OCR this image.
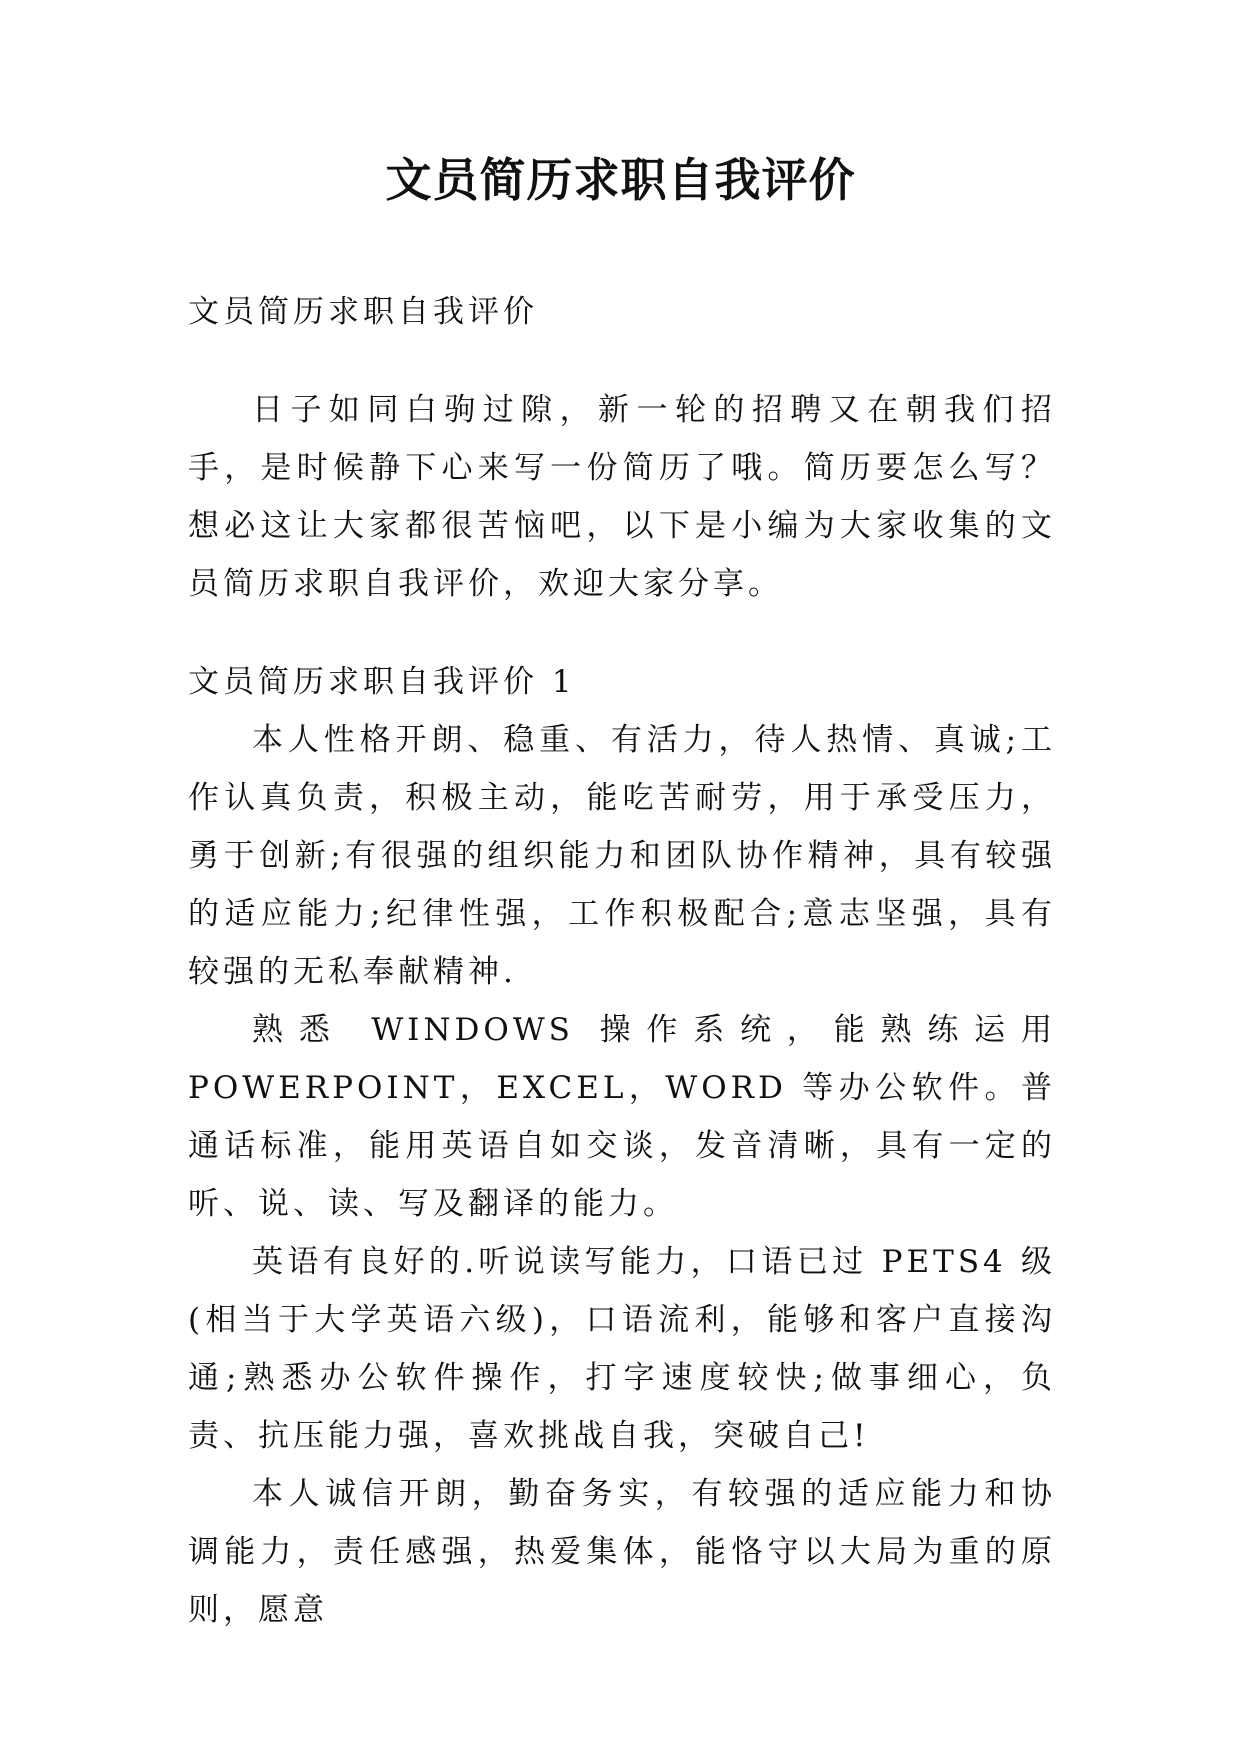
文员简历求职自我评价

文员简历求职自我评价

日子如同白驹过隙，新一轮的招聘又在朝我们招手，是时候静下心来写一份简历了哦。简历要怎么写？想必这让大家都很苦恼吧，以下是小编为大家收集的文员简历求职自我评价，欢迎大家分享。

文员简历求职自我评价 1

本人性格开朗、稳重、有活力，待人热情、真诚;工作认真负责，积极主动，能吃苦耐劳，用于承受压力，勇于创新;有很强的组织能力和团队协作精神，具有较强的适应能力;纪律性强，工作积极配合;意志坚强，具有较强的无私奉献精神.

熟悉 WINDOWS 操作系统，能熟练运用 POWERPOINT，EXCEL，WORD 等办公软件。普通话标准，能用英语自如交谈，发音清晰，具有一定的听、说、读、写及翻译的能力。

英语有良好的.听说读写能力，口语已过 PETS4 级(相当于大学英语六级)，口语流利，能够和客户直接沟通;熟悉办公软件操作，打字速度较快;做事细心，负责、抗压能力强，喜欢挑战自我，突破自己!

本人诚信开朗，勤奋务实，有较强的适应能力和协调能力，责任感强，热爱集体，能恪守以大局为重的原则，愿意
